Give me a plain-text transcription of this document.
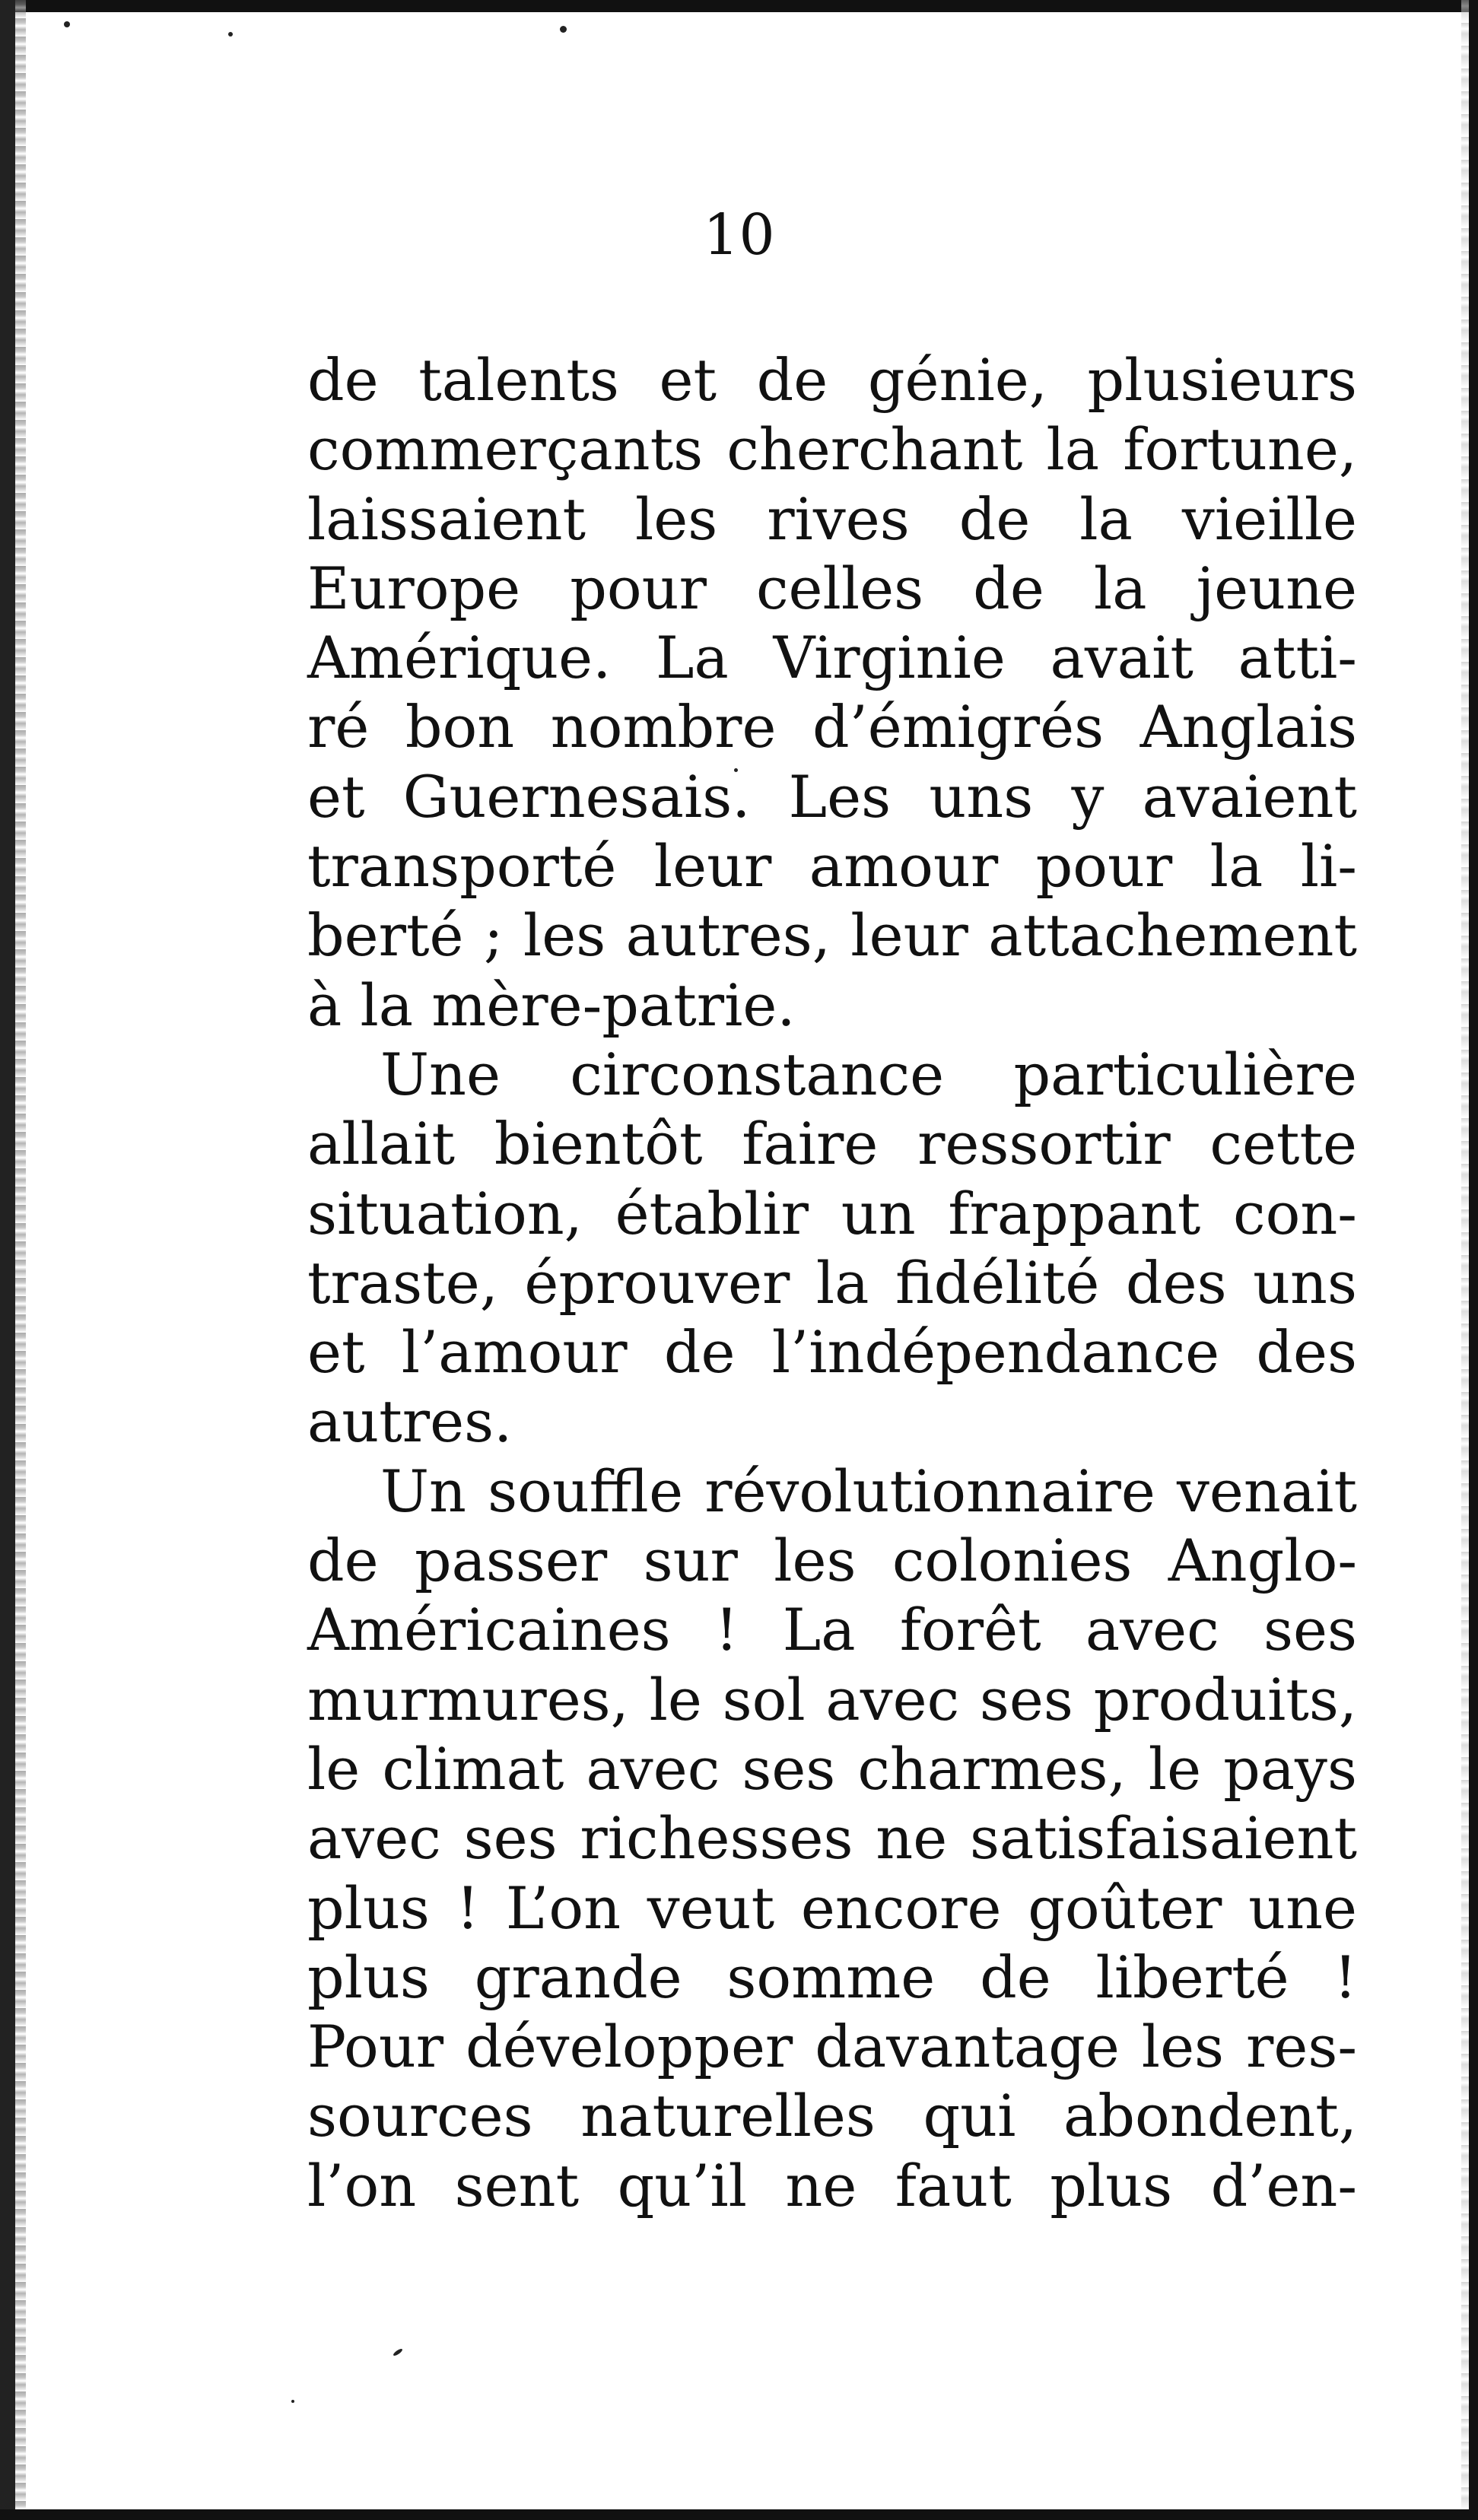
10
de talents et de génie, plusieurs
commerçants cherchant la fortune,
laissaient les rives de la vieille
Europe pour celles de la jeune
Amérique. La Virginie avait atti-
ré bon nombre d’émigrés Anglais
et Guernesais. Les uns y avaient
transporté leur amour pour la li-
berté ; les autres, leur attachement
à la mère-patrie.
Une circonstance particulière
allait bientôt faire ressortir cette
situation, établir un frappant con-
traste, éprouver la fidélité des uns
et l’amour de l’indépendance des
autres.
Un souffle révolutionnaire venait
de passer sur les colonies Anglo-
Américaines ! La forêt avec ses
murmures, le sol avec ses produits,
le climat avec ses charmes, le pays
avec ses richesses ne satisfaisaient
plus ! L’on veut encore goûter une
plus grande somme de liberté !
Pour développer davantage les res-
sources naturelles qui abondent,
l’on sent qu’il ne faut plus d’en-
